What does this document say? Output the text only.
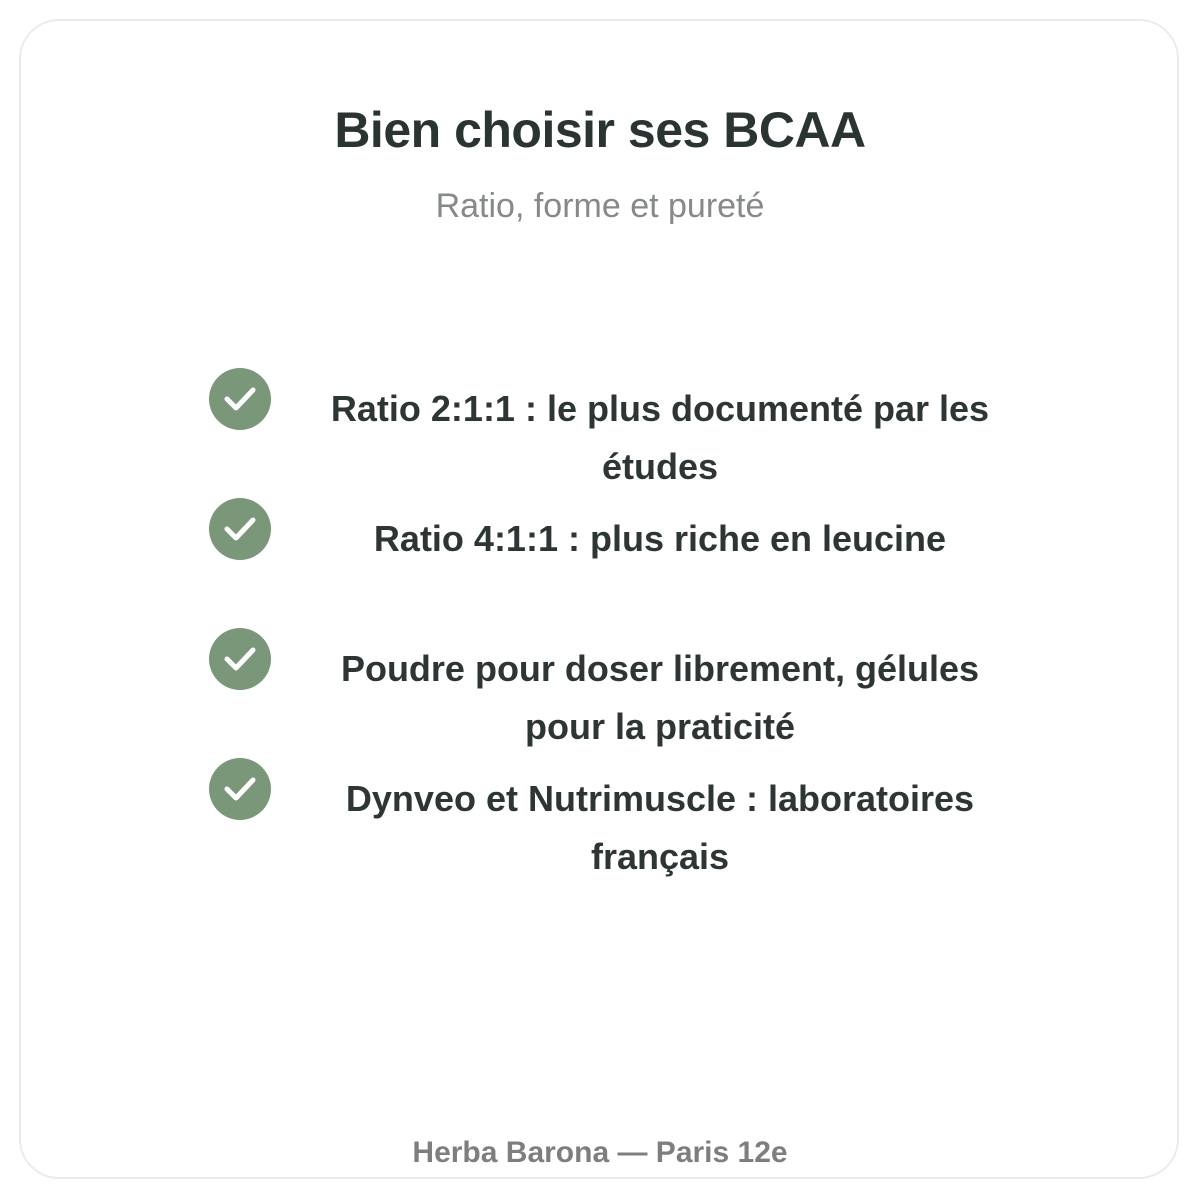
Bien choisir ses BCAA
Ratio, forme et pureté
Ratio 2:1:1 : le plus documenté par les études
Ratio 4:1:1 : plus riche en leucine
Poudre pour doser librement, gélules pour la praticité
Dynveo et Nutrimuscle : laboratoires français
Herba Barona — Paris 12e
